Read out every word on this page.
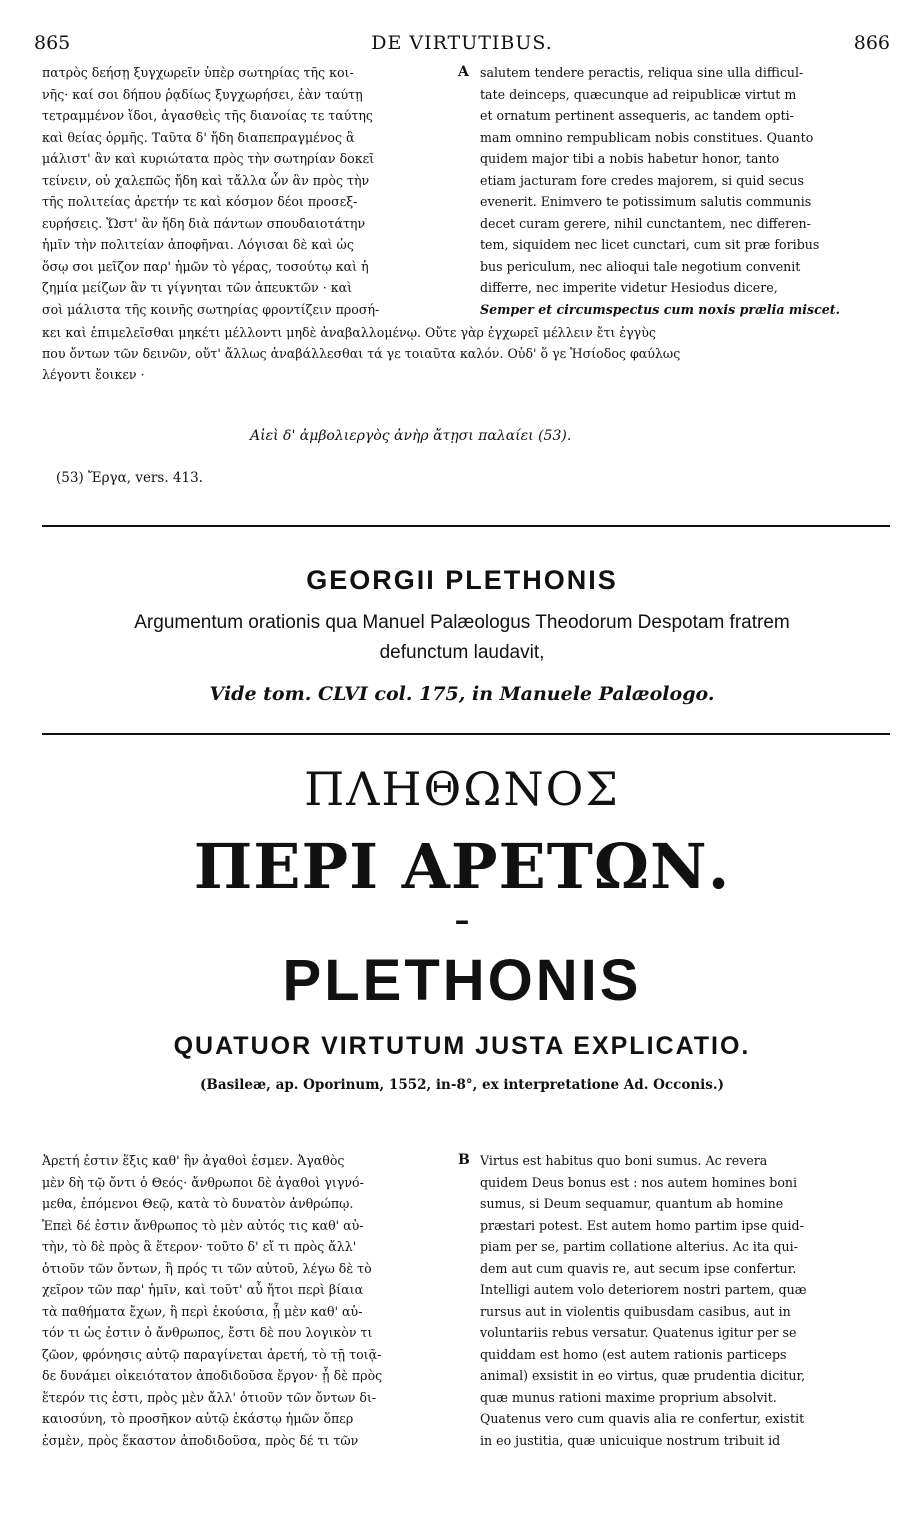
865	DE VIRTUTIBUS.	866
πατρὸς δεήσῃ ξυγχωρεῖν ὑπὲρ σωτηρίας τῆς κοι-
νῆς· καί σοι δήπου ῥᾳδίως ξυγχωρήσει, ἐὰν ταύτῃ
τετραμμένον ἴδοι, ἀγασθεὶς τῆς διανοίας τε ταύτης
καὶ θείας ὁρμῆς. Ταῦτα δ' ἤδη διαπεπραγμένος ἂ
μάλιστ' ἂν καὶ κυριώτατα πρὸς τὴν σωτηρίαν δοκεῖ
τείνειν, οὐ χαλεπῶς ἤδη καὶ τἄλλα ὧν ἂν πρὸς τὴν
τῆς πολιτείας ἀρετήν τε καὶ κόσμον δέοι προσεξ-
ευρήσεις. Ὥστ' ἂν ἤδη διὰ πάντων σπουδαιοτάτην
ἡμῖν τὴν πολιτείαν ἀποφῆναι. Λόγισαι δὲ καὶ ὡς
ὅσῳ σοι μεῖζον παρ' ἡμῶν τὸ γέρας, τοσούτῳ καὶ ἡ
ζημία μείζων ἂν τι γίγνηται τῶν ἀπευκτῶν · καὶ
σοὶ μάλιστα τῆς κοινῆς σωτηρίας φροντίζειν προσή-
A salutem tendere peractis, reliqua sine ulla difficul-
tate deinceps, quæcunque ad reipublicæ virtut m
et ornatum pertinent assequeris, ac tandem opti-
mam omnino rempublicam nobis constitues. Quanto
quidem major tibi a nobis habetur honor, tanto
etiam jacturam fore credes majorem, si quid secus
evenerit. Enimvero te potissimum salutis communis
decet curam gerere, nihil cunctantem, nec differen-
tem, siquidem nec licet cunctari, cum sit præ foribus
bus periculum, nec alioqui tale negotium convenit
differre, nec imperite videtur Hesiodus dicere,
Semper et circumspectus cum noxis prælia miscet.
κει καὶ ἐπιμελεῖσθαι μηκέτι μέλλοντι μηδὲ ἀναβαλλομένῳ. Οὔτε γὰρ ἐγχωρεῖ μέλλειν ἔτι ἐγγὺς
που ὄντων τῶν δεινῶν, οὔτ' ἄλλως ἀναβάλλεσθαι τά γε τοιαῦτα καλόν. Οὐδ' ὅ γε Ἡσίοδος φαύλως
λέγοντι ἔοικεν ·
Αἰεὶ δ' ἀμβολιεργὸς ἀνὴρ ἄτῃσι παλαίει (53).
(53) Ἔργα, vers. 413.
GEORGII PLETHONIS
Argumentum orationis qua Manuel Palæologus Theodorum Despotam fratrem
defunctum laudavit,
Vide tom. CLVI col. 175, in Manuele Palæologo.
ΠΛΗΘΩΝΟΣ
ΠΕΡΙ ΑΡΕΤΩΝ.
–
PLETHONIS
QUATUOR VIRTUTUM JUSTA EXPLICATIO.
(Basileæ, ap. Oporinum, 1552, in-8°, ex interpretatione Ad. Occonis.)
Ἀρετή ἐστιν ἕξις καθ' ἣν ἀγαθοὶ ἐσμεν. Ἀγαθὸς
μὲν δὴ τῷ ὄντι ὁ Θεός· ἄνθρωποι δὲ ἀγαθοὶ γιγνό-
μεθα, ἑπόμενοι Θεῷ, κατὰ τὸ δυνατὸν ἀνθρώπῳ.
Ἐπεὶ δέ ἐστιν ἄνθρωπος τὸ μὲν αὐτός τις καθ' αὑ-
τὴν, τὸ δὲ πρὸς ἃ ἕτερον· τοῦτο δ' εἴ τι πρὸς ἄλλ'
ὁτιοῦν τῶν ὄντων, ἢ πρός τι τῶν αὑτοῦ, λέγω δὲ τὸ
χεῖρον τῶν παρ' ἡμῖν, καὶ τοῦτ' αὖ ἤτοι περὶ βίαια
τὰ παθήματα ἔχων, ἢ περὶ ἑκούσια, ᾗ μὲν καθ' αὑ-
τόν τι ὡς ἐστιν ὁ ἄνθρωπος, ἔστι δὲ που λογικὸν τι
ζῶον, φρόνησις αὐτῷ παραγίνεται ἀρετή, τὸ τῇ τοιᾷ-
δε δυνάμει οἰκειότατον ἀποδιδοῦσα ἔργον· ᾗ δὲ πρὸς
ἕτερόν τις ἐστι, πρὸς μὲν ἄλλ' ὁτιοῦν τῶν ὄντων δι-
καιοσύνη, τὸ προσῆκον αὐτῷ ἑκάστῳ ἡμῶν ὅπερ
ἐσμὲν, πρὸς ἕκαστον ἀποδιδοῦσα, πρὸς δέ τι τῶν
B Virtus est habitus quo boni sumus. Ac revera
quidem Deus bonus est : nos autem homines boni
sumus, si Deum sequamur, quantum ab homine
præstari potest. Est autem homo partim ipse quid-
piam per se, partim collatione alterius. Ac ita qui-
dem aut cum quavis re, aut secum ipse confertur.
Intelligi autem volo deteriorem nostri partem, quæ
rursus aut in violentis quibusdam casibus, aut in
voluntariis rebus versatur. Quatenus igitur per se
quiddam est homo (est autem rationis particeps
animal) exsistit in eo virtus, quæ prudentia dicitur,
quæ munus rationi maxime proprium absolvit.
Quatenus vero cum quavis alia re confertur, existit
in eo justitia, quæ unicuique nostrum tribuit id
